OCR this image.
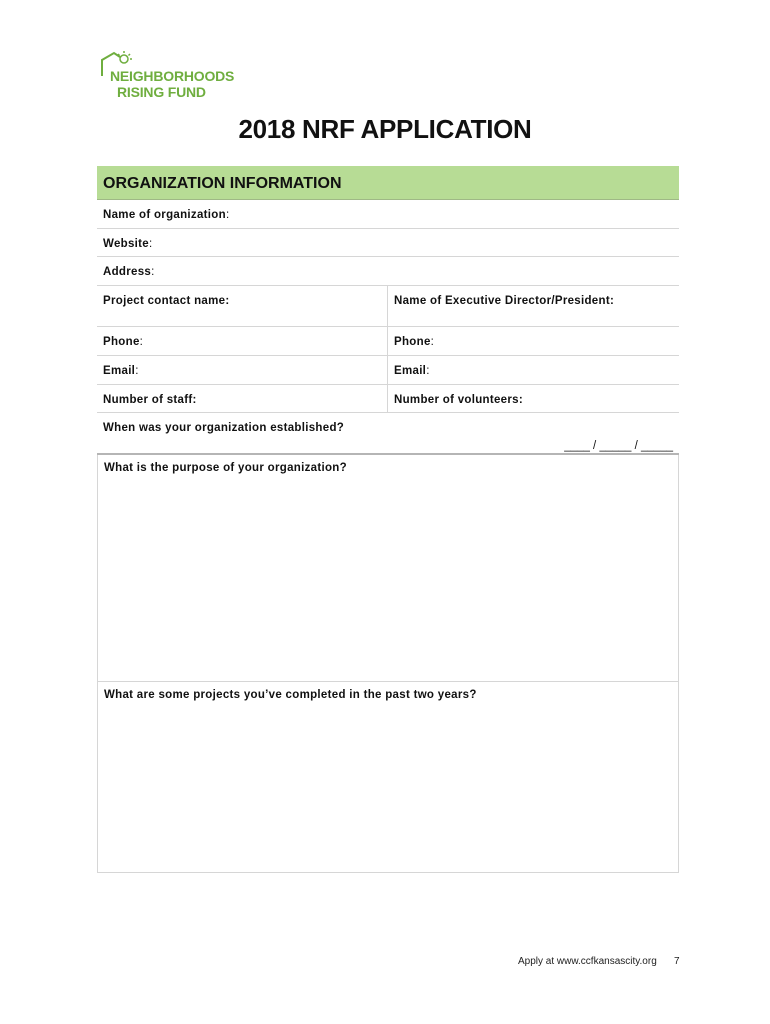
NEIGHBORHOODS
RISING FUND
2018 NRF APPLICATION
ORGANIZATION INFORMATION
Name of organization:
Website:
Address:
Project contact name:	Name of Executive Director/President:
Phone:	Phone:
Email:	Email:
Number of staff:	Number of volunteers:
When was your organization established?
____ / _____ / _____
What is the purpose of your organization?
What are some projects you’ve completed in the past two years?
Apply at www.ccfkansascity.org 7
